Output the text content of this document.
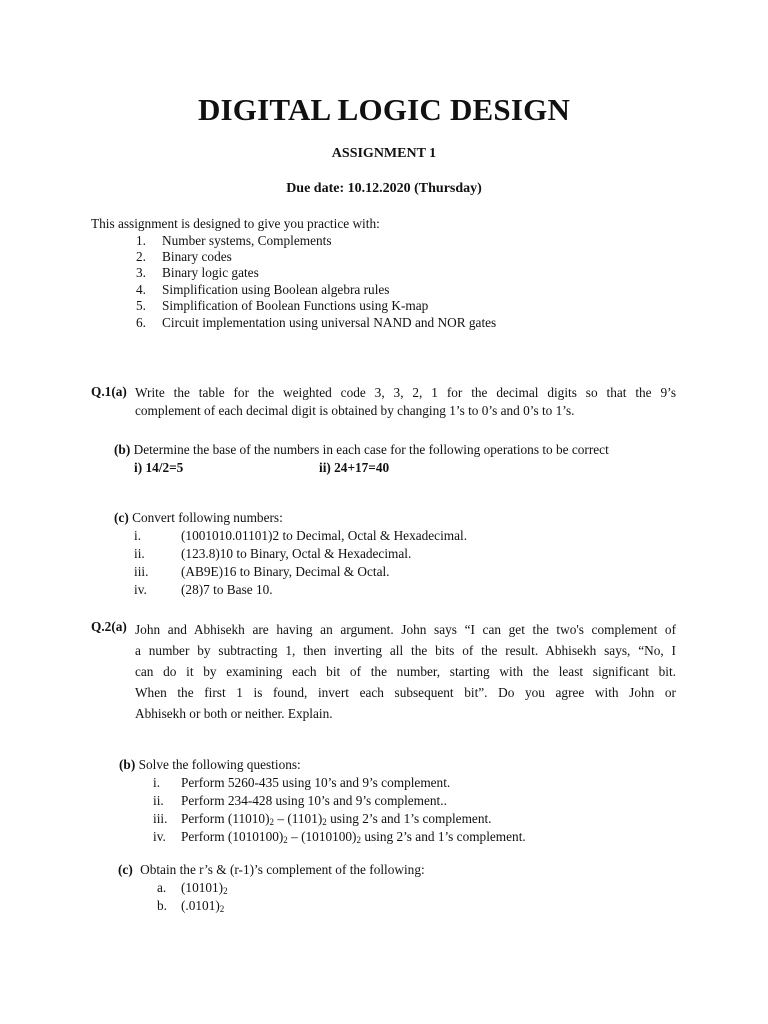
DIGITAL LOGIC DESIGN
ASSIGNMENT 1
Due date: 10.12.2020 (Thursday)
This assignment is designed to give you practice with:
1. Number systems, Complements
2. Binary codes
3. Binary logic gates
4. Simplification using Boolean algebra rules
5. Simplification of Boolean Functions using K-map
6. Circuit implementation using universal NAND and NOR gates
Q.1(a) Write the table for the weighted code 3, 3, 2, 1 for the decimal digits so that the 9’s
complement of each decimal digit is obtained by changing 1’s to 0’s and 0’s to 1’s.
(b) Determine the base of the numbers in each case for the following operations to be correct
i) 14/2=5	ii) 24+17=40
(c) Convert following numbers:
i.	(1001010.01101)2 to Decimal, Octal & Hexadecimal.
ii.	(123.8)10 to Binary, Octal & Hexadecimal.
iii. (AB9E)16 to Binary, Decimal & Octal.
iv.	(28)7 to Base 10.
Q.2(a) John and Abhisekh are having an argument. John says “I can get the two's complement of
a number by subtracting 1, then inverting all the bits of the result. Abhisekh says, “No, I
can do it by examining each bit of the number, starting with the least significant bit.
When the first 1 is found, invert each subsequent bit”. Do you agree with John or
Abhisekh or both or neither. Explain.
(b) Solve the following questions:
i. Perform 5260-435 using 10’s and 9’s complement.
ii. Perform 234-428 using 10’s and 9’s complement..
iii. Perform $(11010)_2 - (1101)_2$ using 2’s and 1’s complement.
iv. Perform $(1010100)_2 - (1010100)_2$ using 2’s and 1’s complement.
(c) Obtain the r’s & (r-1)’s complement of the following:
a. $(10101)_2$
b. $(.0101)_2$
